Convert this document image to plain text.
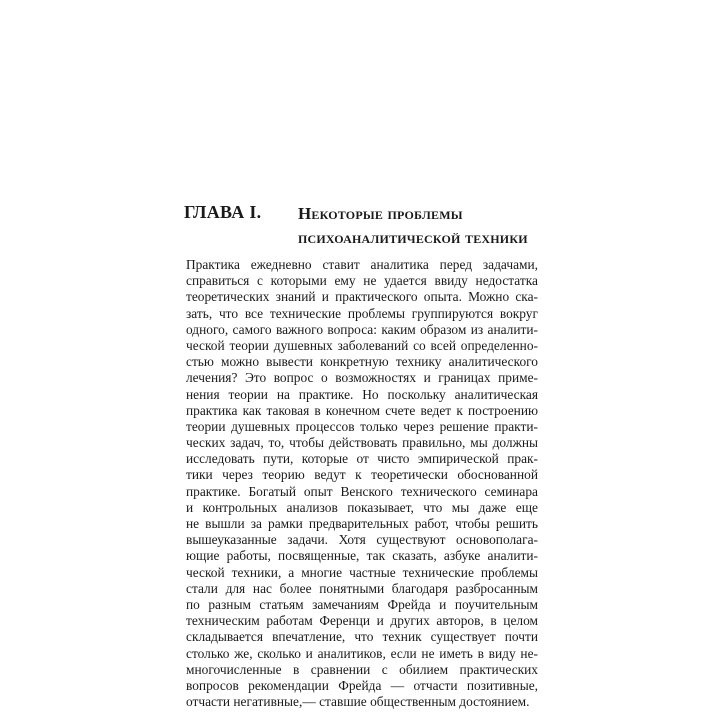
ГЛАВА I. Некоторые проблемы
психоаналитической техники
Практика ежедневно ставит аналитика перед задачами,
справиться с которыми ему не удается ввиду недостатка
теоретических знаний и практического опыта. Можно ска-
зать, что все технические проблемы группируются вокруг
одного, самого важного вопроса: каким образом из аналити-
ческой теории душевных заболеваний со всей определенно-
стью можно вывести конкретную технику аналитического
лечения? Это вопрос о возможностях и границах приме-
нения теории на практике. Но поскольку аналитическая
практика как таковая в конечном счете ведет к построению
теории душевных процессов только через решение практи-
ческих задач, то, чтобы действовать правильно, мы должны
исследовать пути, которые от чисто эмпирической прак-
тики через теорию ведут к теоретически обоснованной
практике. Богатый опыт Венского технического семинара
и контрольных анализов показывает, что мы даже еще
не вышли за рамки предварительных работ, чтобы решить
вышеуказанные задачи. Хотя существуют основополага-
ющие работы, посвященные, так сказать, азбуке аналити-
ческой техники, а многие частные технические проблемы
стали для нас более понятными благодаря разбросанным
по разным статьям замечаниям Фрейда и поучительным
техническим работам Ференци и других авторов, в целом
складывается впечатление, что техник существует почти
столько же, сколько и аналитиков, если не иметь в виду не-
многочисленные в сравнении с обилием практических
вопросов рекомендации Фрейда — отчасти позитивные,
отчасти негативные,— ставшие общественным достоянием.
